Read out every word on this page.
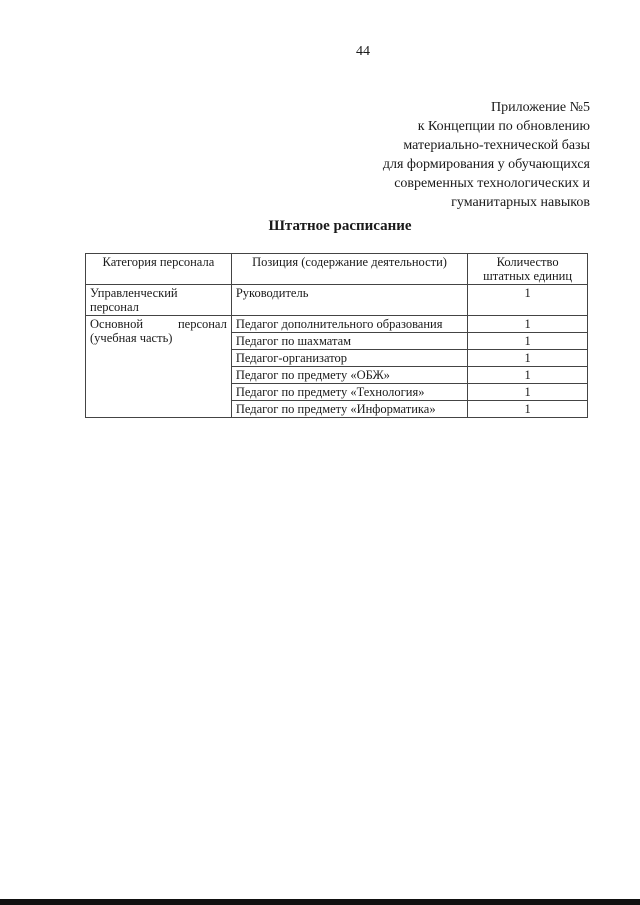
44
Приложение №5
к Концепции по обновлению
материально-технической базы
для формирования у обучающихся
современных технологических и
гуманитарных навыков
Штатное расписание
Категория персонала	Позиция (содержание деятельности)	Количество штатных единиц
Управленческий персонал	Руководитель	1

Основной персонал
(учебная часть)	Педагог дополнительного образования	1
	Педагог по шахматам	1
	Педагог-организатор	1
	Педагог по предмету «ОБЖ»	1
	Педагог по предмету «Технология»	1
	Педагог по предмету «Информатика»	1
